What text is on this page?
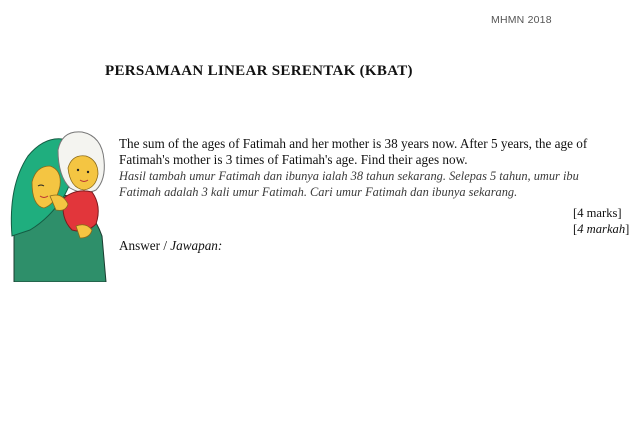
MHMN 2018
PERSAMAAN LINEAR SERENTAK (KBAT)

The sum of the ages of Fatimah and her mother is 38 years now. After 5 years, the age of
Fatimah's mother is 3 times of Fatimah's age. Find their ages now.

Hasil tambah umur Fatimah dan ibunya ialah 38 tahun sekarang. Selepas 5 tahun, umur ibu
Fatimah adalah 3 kali umur Fatimah. Cari umur Fatimah dan ibunya sekarang.

[4 marks]
[4 markah]
Answer / Jawapan:
